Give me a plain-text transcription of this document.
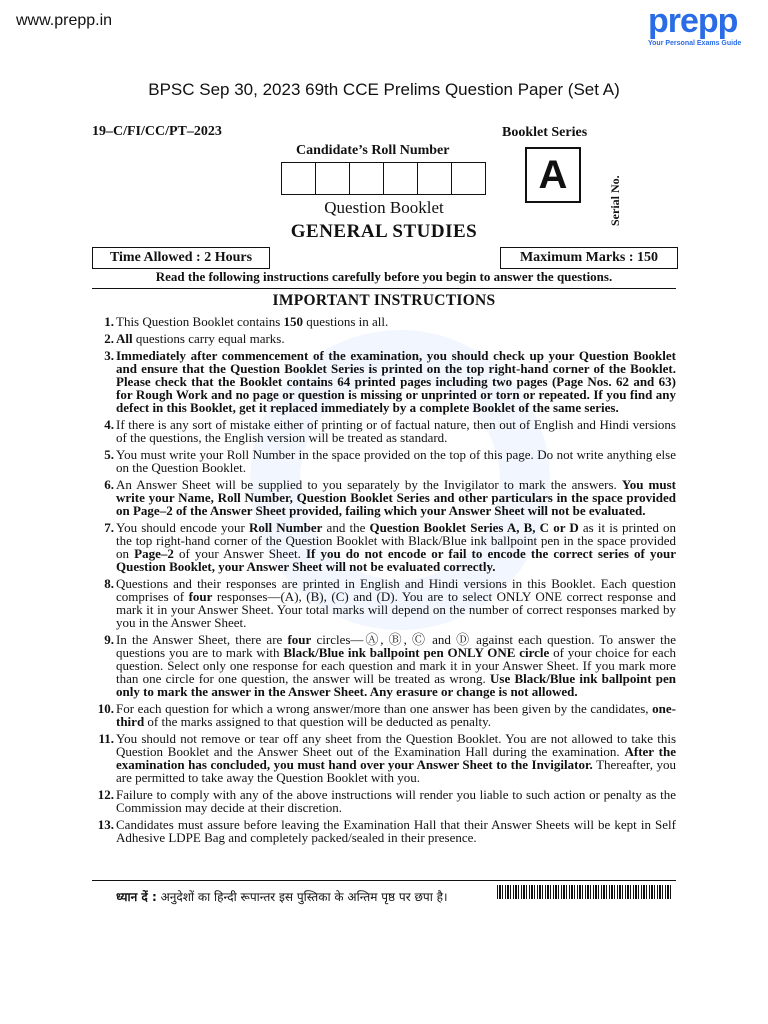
www.prepp.in	prepp
Your Personal Exams Guide
BPSC Sep 30, 2023 69th CCE Prelims Question Paper (Set A)
19–C/FI/CC/PT–2023	Booklet Series
Candidate’s Roll Number
A
Serial No.
Question Booklet
GENERAL STUDIES
Time Allowed : 2 Hours	Maximum Marks : 150
Read the following instructions carefully before you begin to answer the questions.
IMPORTANT INSTRUCTIONS
1. This Question Booklet contains 150 questions in all.
2. All questions carry equal marks.
3. Immediately after commencement of the examination, you should check up your Question Booklet and ensure that the Question Booklet Series is printed on the top right-hand corner of the Booklet. Please check that the Booklet contains 64 printed pages including two pages (Page Nos. 62 and 63) for Rough Work and no page or question is missing or unprinted or torn or repeated. If you find any defect in this Booklet, get it replaced immediately by a complete Booklet of the same series.
4. If there is any sort of mistake either of printing or of factual nature, then out of English and Hindi versions of the questions, the English version will be treated as standard.
5. You must write your Roll Number in the space provided on the top of this page. Do not write anything else on the Question Booklet.
6. An Answer Sheet will be supplied to you separately by the Invigilator to mark the answers. You must write your Name, Roll Number, Question Booklet Series and other particulars in the space provided on Page–2 of the Answer Sheet provided, failing which your Answer Sheet will not be evaluated.
7. You should encode your Roll Number and the Question Booklet Series A, B, C or D as it is printed on the top right-hand corner of the Question Booklet with Black/Blue ink ballpoint pen in the space provided on Page–2 of your Answer Sheet. If you do not encode or fail to encode the correct series of your Question Booklet, your Answer Sheet will not be evaluated correctly.
8. Questions and their responses are printed in English and Hindi versions in this Booklet. Each question comprises of four responses—(A), (B), (C) and (D). You are to select ONLY ONE correct response and mark it in your Answer Sheet. Your total marks will depend on the number of correct responses marked by you in the Answer Sheet.
9. In the Answer Sheet, there are four circles—Ⓐ, Ⓑ, Ⓒ and Ⓓ against each question. To answer the questions you are to mark with Black/Blue ink ballpoint pen ONLY ONE circle of your choice for each question. Select only one response for each question and mark it in your Answer Sheet. If you mark more than one circle for one question, the answer will be treated as wrong. Use Black/Blue ink ballpoint pen only to mark the answer in the Answer Sheet. Any erasure or change is not allowed.
10. For each question for which a wrong answer/more than one answer has been given by the candidates, one-third of the marks assigned to that question will be deducted as penalty.
11. You should not remove or tear off any sheet from the Question Booklet. You are not allowed to take this Question Booklet and the Answer Sheet out of the Examination Hall during the examination. After the examination has concluded, you must hand over your Answer Sheet to the Invigilator. Thereafter, you are permitted to take away the Question Booklet with you.
12. Failure to comply with any of the above instructions will render you liable to such action or penalty as the Commission may decide at their discretion.
13. Candidates must assure before leaving the Examination Hall that their Answer Sheets will be kept in Self Adhesive LDPE Bag and completely packed/sealed in their presence.
ध्यान दें : अनुदेशों का हिन्दी रूपान्तर इस पुस्तिका के अन्तिम पृष्ठ पर छपा है।
